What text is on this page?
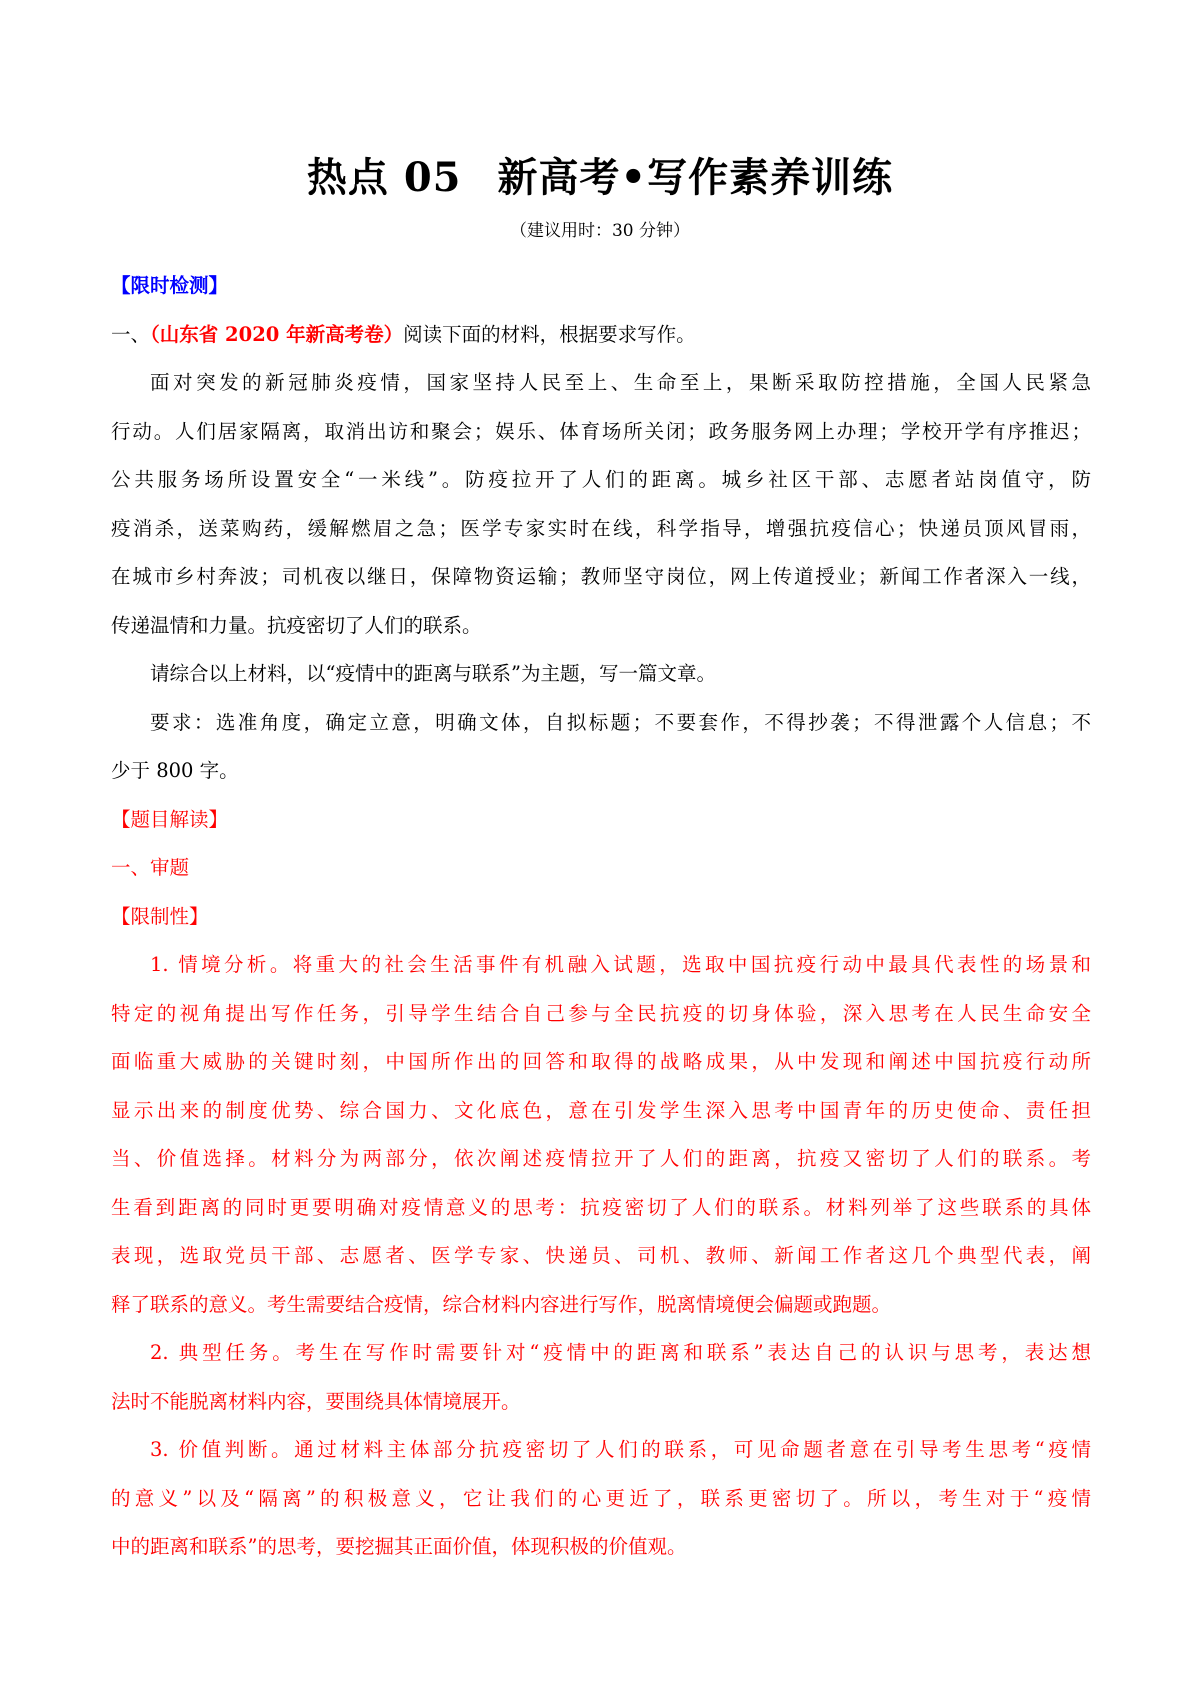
热点 05 新高考•写作素养训练
（建议用时：30 分钟）
【限时检测】
一、（山东省 2020 年新高考卷）阅读下面的材料，根据要求写作。
面对突发的新冠肺炎疫情，国家坚持人民至上、生命至上，果断采取防控措施，全国人民紧急
行动。人们居家隔离，取消出访和聚会；娱乐、体育场所关闭；政务服务网上办理；学校开学有序推迟；
公共服务场所设置安全“一米线”。防疫拉开了人们的距离。城乡社区干部、志愿者站岗值守，防
疫消杀，送菜购药，缓解燃眉之急；医学专家实时在线，科学指导，增强抗疫信心；快递员顶风冒雨，
在城市乡村奔波；司机夜以继日，保障物资运输；教师坚守岗位，网上传道授业；新闻工作者深入一线，
传递温情和力量。抗疫密切了人们的联系。
请综合以上材料，以“疫情中的距离与联系”为主题，写一篇文章。
要求：选准角度，确定立意，明确文体，自拟标题；不要套作，不得抄袭；不得泄露个人信息；不
少于 800 字。
【题目解读】
一、审题
【限制性】
1. 情境分析。将重大的社会生活事件有机融入试题，选取中国抗疫行动中最具代表性的场景和
特定的视角提出写作任务，引导学生结合自己参与全民抗疫的切身体验，深入思考在人民生命安全
面临重大威胁的关键时刻，中国所作出的回答和取得的战略成果，从中发现和阐述中国抗疫行动所
显示出来的制度优势、综合国力、文化底色，意在引发学生深入思考中国青年的历史使命、责任担
当、价值选择。材料分为两部分，依次阐述疫情拉开了人们的距离，抗疫又密切了人们的联系。考
生看到距离的同时更要明确对疫情意义的思考：抗疫密切了人们的联系。材料列举了这些联系的具体
表现，选取党员干部、志愿者、医学专家、快递员、司机、教师、新闻工作者这几个典型代表，阐
释了联系的意义。考生需要结合疫情，综合材料内容进行写作，脱离情境便会偏题或跑题。
2. 典型任务。考生在写作时需要针对“疫情中的距离和联系”表达自己的认识与思考，表达想
法时不能脱离材料内容，要围绕具体情境展开。
3. 价值判断。通过材料主体部分抗疫密切了人们的联系，可见命题者意在引导考生思考“疫情
的意义”以及“隔离”的积极意义，它让我们的心更近了，联系更密切了。所以，考生对于“疫情
中的距离和联系”的思考，要挖掘其正面价值，体现积极的价值观。
